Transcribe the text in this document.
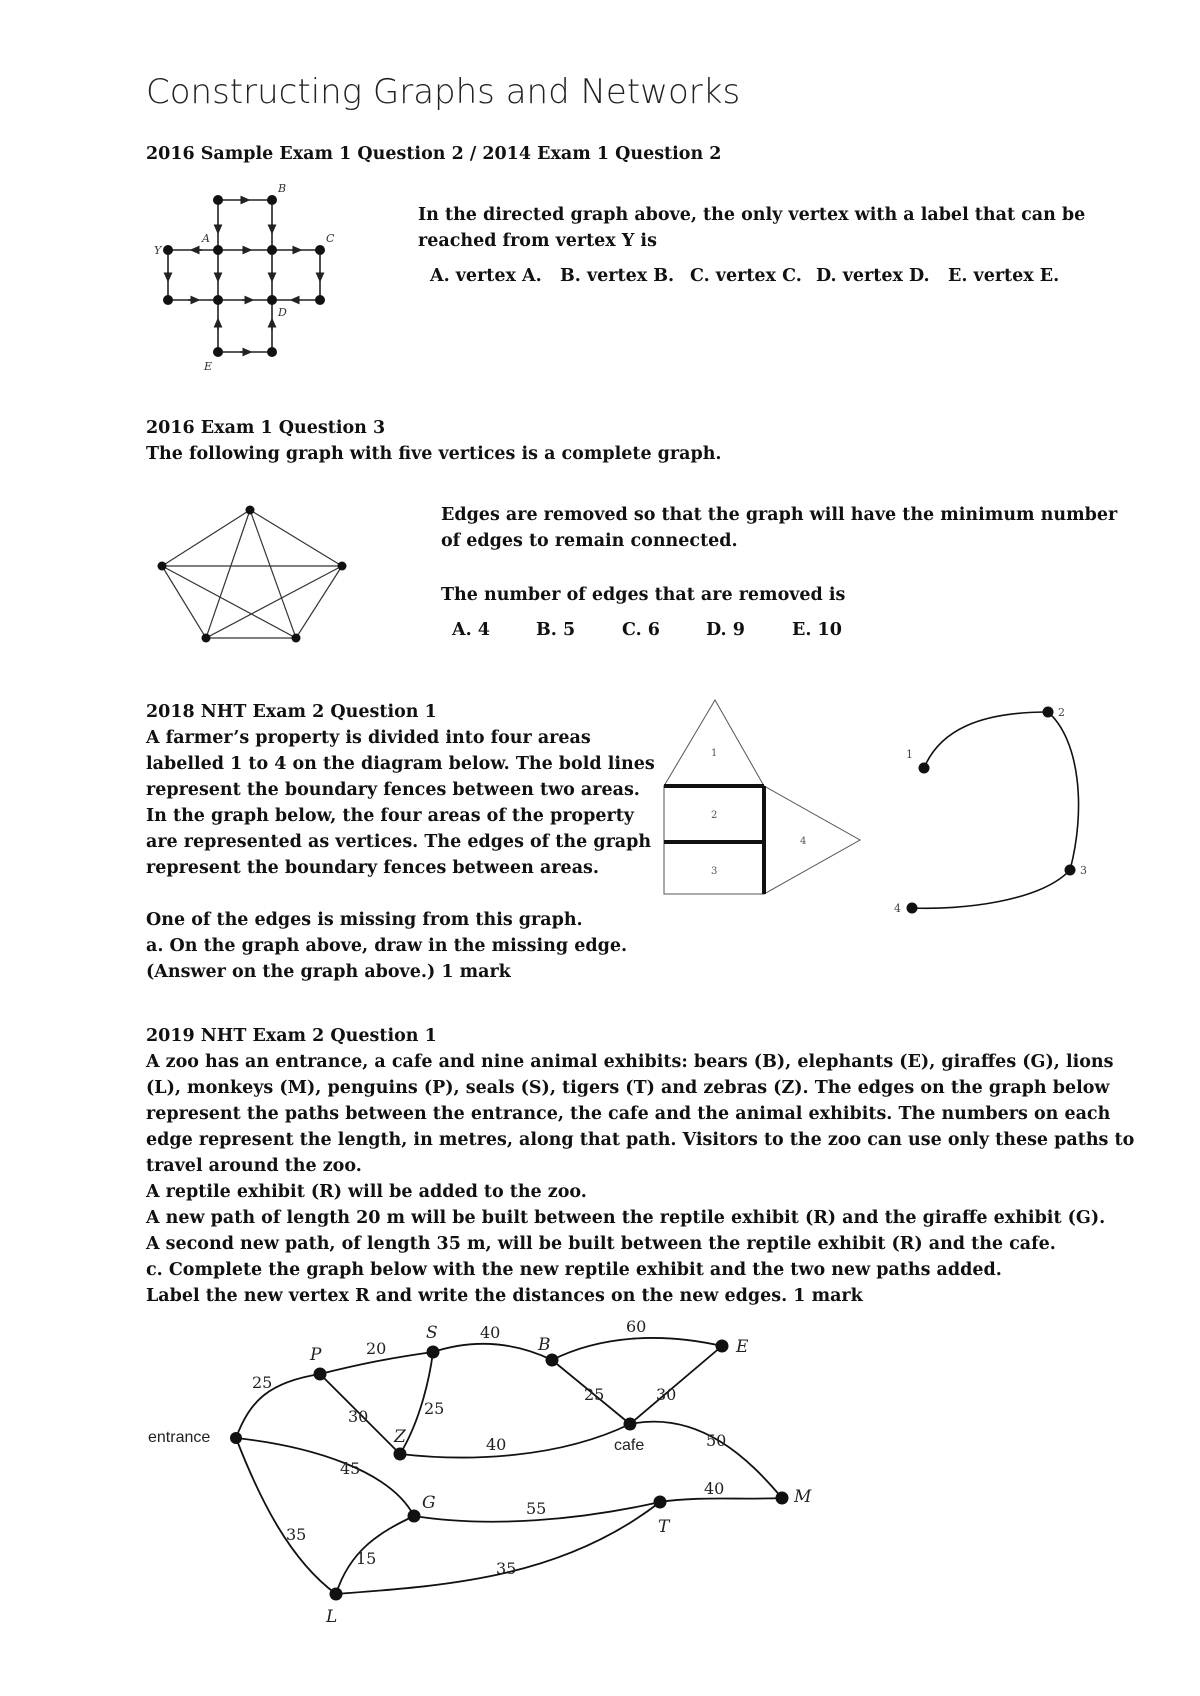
Constructing Graphs and Networks
2016 Sample Exam 1 Question 2 / 2014 Exam 1 Question 2
B
A	C
Y
D
E
In the directed graph above, the only vertex with a label that can be
reached from vertex Y is
A. vertex A. B. vertex B. C. vertex C. D. vertex D. E. vertex E.
2016 Exam 1 Question 3
The following graph with five vertices is a complete graph.
Edges are removed so that the graph will have the minimum number
of edges to remain connected.
The number of edges that are removed is
A. 4	B. 5	C. 6	D. 9	E. 10
2018 NHT Exam 2 Question 1
A farmer’s property is divided into four areas
labelled 1 to 4 on the diagram below. The bold lines
represent the boundary fences between two areas.
In the graph below, the four areas of the property
are represented as vertices. The edges of the graph
represent the boundary fences between areas.
One of the edges is missing from this graph.
a. On the graph above, draw in the missing edge.
(Answer on the graph above.) 1 mark
1
2
3
4
1
2
3
4
2019 NHT Exam 2 Question 1
A zoo has an entrance, a cafe and nine animal exhibits: bears (B), elephants (E), giraffes (G), lions
(L), monkeys (M), penguins (P), seals (S), tigers (T) and zebras (Z). The edges on the graph below
represent the paths between the entrance, the cafe and the animal exhibits. The numbers on each
edge represent the length, in metres, along that path. Visitors to the zoo can use only these paths to
travel around the zoo.
A reptile exhibit (R) will be added to the zoo.
A new path of length 20 m will be built between the reptile exhibit (R) and the giraffe exhibit (G).
A second new path, of length 35 m, will be built between the reptile exhibit (R) and the cafe.
c. Complete the graph below with the new reptile exhibit and the two new paths added.
Label the new vertex R and write the distances on the new edges. 1 mark
P
S
B	E
Z
G
T
M
L
entrance	cafe
25
20
40	60
30	25
25	30
40	50
45
35
15
55
40
35
